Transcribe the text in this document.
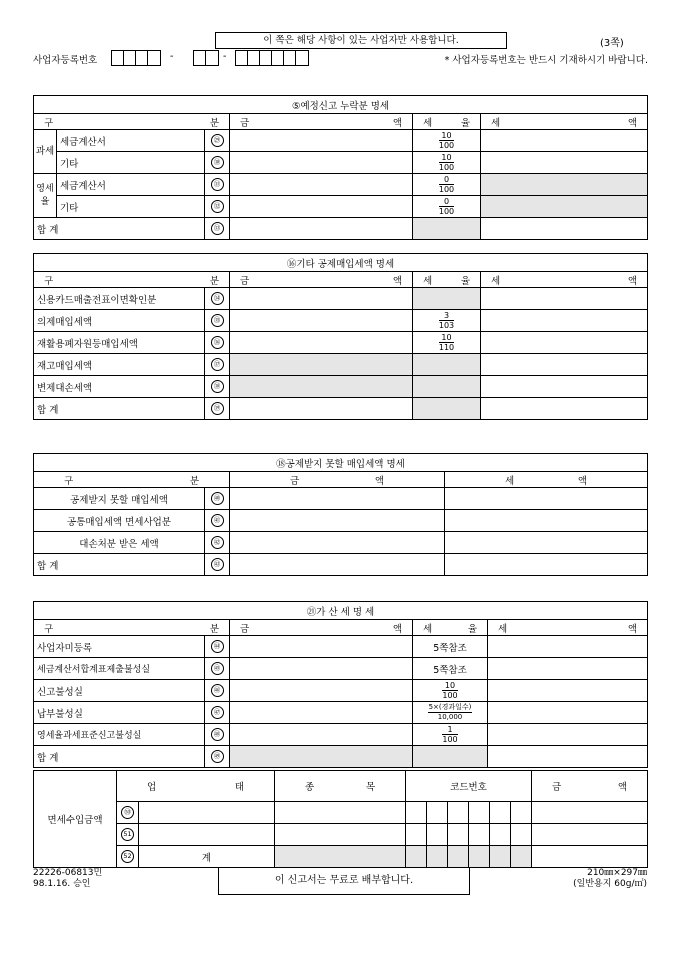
이 쪽은 해당 사항이 있는 사업자만 사용합니다.	(3쪽)
사업자등록번호	-	-	* 사업자등록번호는 반드시 기재하시기 바랍니다.
⑤예정신고 누락분 명세					

구 분			금 액	세 율	세 액

과세	세금계산서	㉙		$\frac{10}{100}$

	기타	㉚		$\frac{10}{100}$

영세율	세금계산서	㉛		$\frac{0}{100}$

	기타	㉜		$\frac{0}{100}$

합 계		㉝			
⑯기타 공제매입세액 명세				

구 분		금 액	세 율	세 액

신용카드매출전표이면확인분	㉞			
의제매입세액	㉟		$\frac{3}{103}$

재활용폐자원등매입세액	㊱		$\frac{10}{110}$

재고매입세액	㊲			
변제대손세액	㊳			
합 계	㊴			
⑱공제받지 못할 매입세액 명세			

구 분		금 액	세 액

공제받지 못할 매입세액	㊵		
공통매입세액 면세사업분	㊶		
대손처분 받은 세액	㊷		
합 계	㊸		
㉑가 산 세 명 세				

구 분		금 액	세 율	세 액

사업자미등록	㊹		5쪽참조	
세금계산서합계표제출불성실	㊺		5쪽참조	
신고불성실	㊻		$\frac{10}{100}$

납부불성실	㊼		$\frac{\text{5×(경과일수)}}{10,000}$

영세율과세표준신고불성실	㊽		$\frac{1}{100}$

합 계	㊾			
면세수입금액	업 태		종 목	코드번호						금 액

	㊿									
	51									
	52	계								
22226-06813민
98.1.16. 승인	이 신고서는 무료로 배부합니다.
210㎜×297㎜
(일반용지 60g/㎡)
